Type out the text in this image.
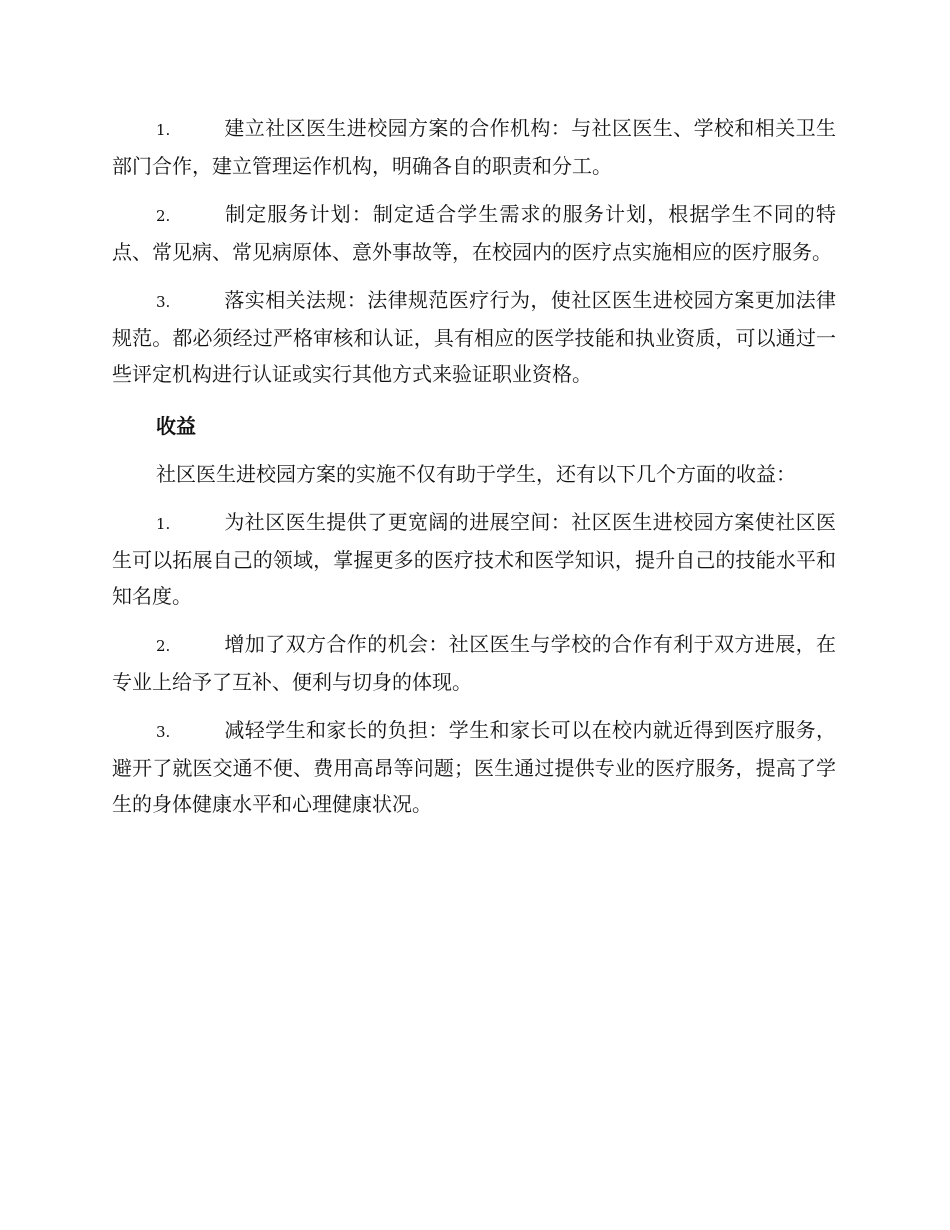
1.	建立社区医生进校园方案的合作机构：与社区医生、学校和相关卫生部门合作，建立管理运作机构，明确各自的职责和分工。

2.	制定服务计划：制定适合学生需求的服务计划，根据学生不同的特点、常见病、常见病原体、意外事故等，在校园内的医疗点实施相应的医疗服务。

3.	落实相关法规：法律规范医疗行为，使社区医生进校园方案更加法律规范。都必须经过严格审核和认证，具有相应的医学技能和执业资质，可以通过一些评定机构进行认证或实行其他方式来验证职业资格。

收益

社区医生进校园方案的实施不仅有助于学生，还有以下几个方面的收益：

1.	为社区医生提供了更宽阔的进展空间：社区医生进校园方案使社区医生可以拓展自己的领域，掌握更多的医疗技术和医学知识，提升自己的技能水平和知名度。

2.	增加了双方合作的机会：社区医生与学校的合作有利于双方进展，在专业上给予了互补、便利与切身的体现。

3.	减轻学生和家长的负担：学生和家长可以在校内就近得到医疗服务，避开了就医交通不便、费用高昂等问题；医生通过提供专业的医疗服务，提高了学生的身体健康水平和心理健康状况。
